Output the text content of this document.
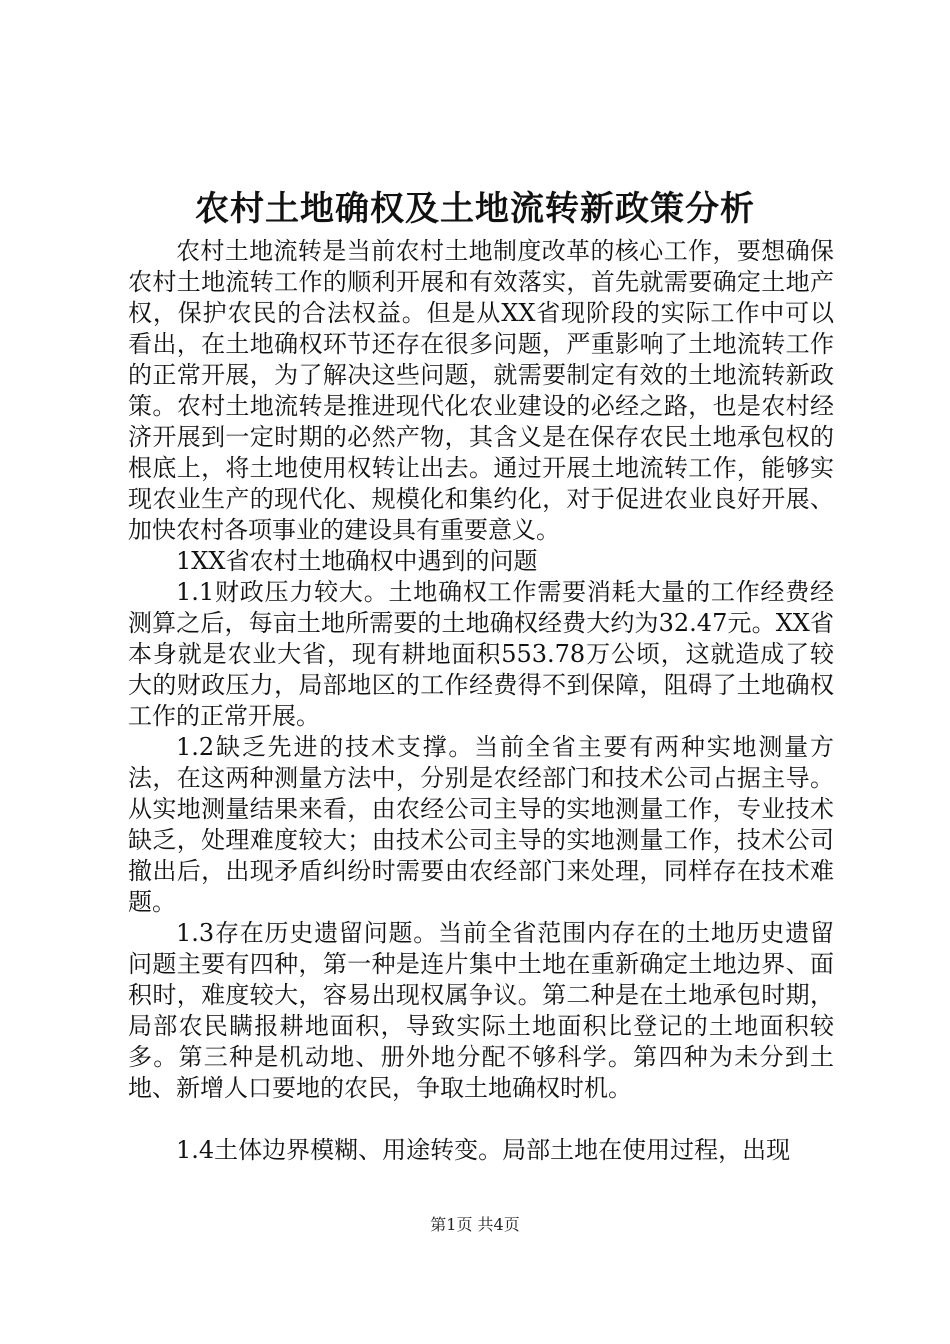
农村土地确权及土地流转新政策分析

农村土地流转是当前农村土地制度改革的核心工作，要想确保农村土地流转工作的顺利开展和有效落实，首先就需要确定土地产权，保护农民的合法权益。但是从XX省现阶段的实际工作中可以看出，在土地确权环节还存在很多问题，严重影响了土地流转工作的正常开展，为了解决这些问题，就需要制定有效的土地流转新政策。农村土地流转是推进现代化农业建设的必经之路，也是农村经济开展到一定时期的必然产物，其含义是在保存农民土地承包权的根底上，将土地使用权转让出去。通过开展土地流转工作，能够实现农业生产的现代化、规模化和集约化，对于促进农业良好开展、加快农村各项事业的建设具有重要意义。

1XX省农村土地确权中遇到的问题

1.1财政压力较大。土地确权工作需要消耗大量的工作经费经测算之后，每亩土地所需要的土地确权经费大约为32.47元。XX省本身就是农业大省，现有耕地面积553.78万公顷，这就造成了较大的财政压力，局部地区的工作经费得不到保障，阻碍了土地确权工作的正常开展。

1.2缺乏先进的技术支撑。当前全省主要有两种实地测量方法，在这两种测量方法中，分别是农经部门和技术公司占据主导。从实地测量结果来看，由农经公司主导的实地测量工作，专业技术缺乏，处理难度较大；由技术公司主导的实地测量工作，技术公司撤出后，出现矛盾纠纷时需要由农经部门来处理，同样存在技术难题。

1.3存在历史遗留问题。当前全省范围内存在的土地历史遗留问题主要有四种，第一种是连片集中土地在重新确定土地边界、面积时，难度较大，容易出现权属争议。第二种是在土地承包时期，局部农民瞒报耕地面积，导致实际土地面积比登记的土地面积较多。第三种是机动地、册外地分配不够科学。第四种为未分到土地、新增人口要地的农民，争取土地确权时机。

1.4土体边界模糊、用途转变。局部土地在使用过程，出现

第1页 共4页
